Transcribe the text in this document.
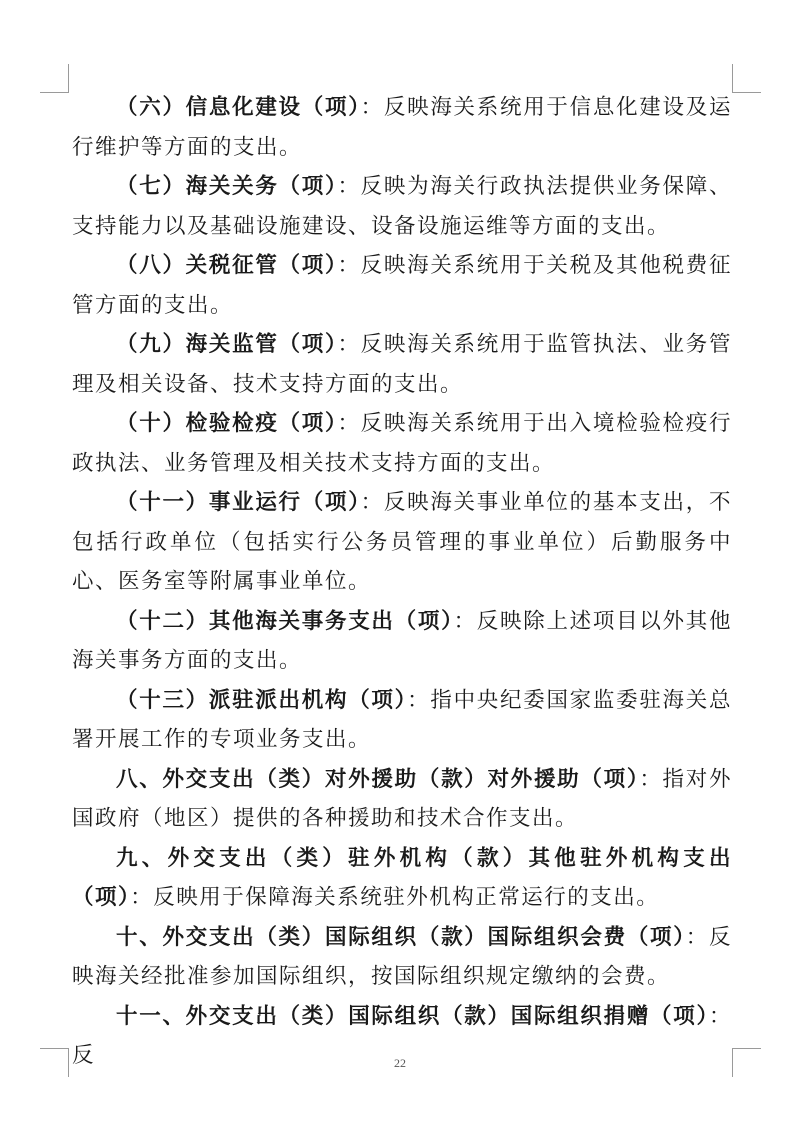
（六）信息化建设（项）：反映海关系统用于信息化建设及运行维护等方面的支出。

（七）海关关务（项）：反映为海关行政执法提供业务保障、支持能力以及基础设施建设、设备设施运维等方面的支出。

（八）关税征管（项）：反映海关系统用于关税及其他税费征管方面的支出。

（九）海关监管（项）：反映海关系统用于监管执法、业务管理及相关设备、技术支持方面的支出。

（十）检验检疫（项）：反映海关系统用于出入境检验检疫行政执法、业务管理及相关技术支持方面的支出。

（十一）事业运行（项）：反映海关事业单位的基本支出，不包括行政单位（包括实行公务员管理的事业单位）后勤服务中心、医务室等附属事业单位。

（十二）其他海关事务支出（项）：反映除上述项目以外其他海关事务方面的支出。

（十三）派驻派出机构（项）：指中央纪委国家监委驻海关总署开展工作的专项业务支出。

八、外交支出（类）对外援助（款）对外援助（项）：指对外国政府（地区）提供的各种援助和技术合作支出。

九、外交支出（类）驻外机构（款）其他驻外机构支出（项）：反映用于保障海关系统驻外机构正常运行的支出。

十、外交支出（类）国际组织（款）国际组织会费（项）：反映海关经批准参加国际组织，按国际组织规定缴纳的会费。

十一、外交支出（类）国际组织（款）国际组织捐赠（项）：反	22
